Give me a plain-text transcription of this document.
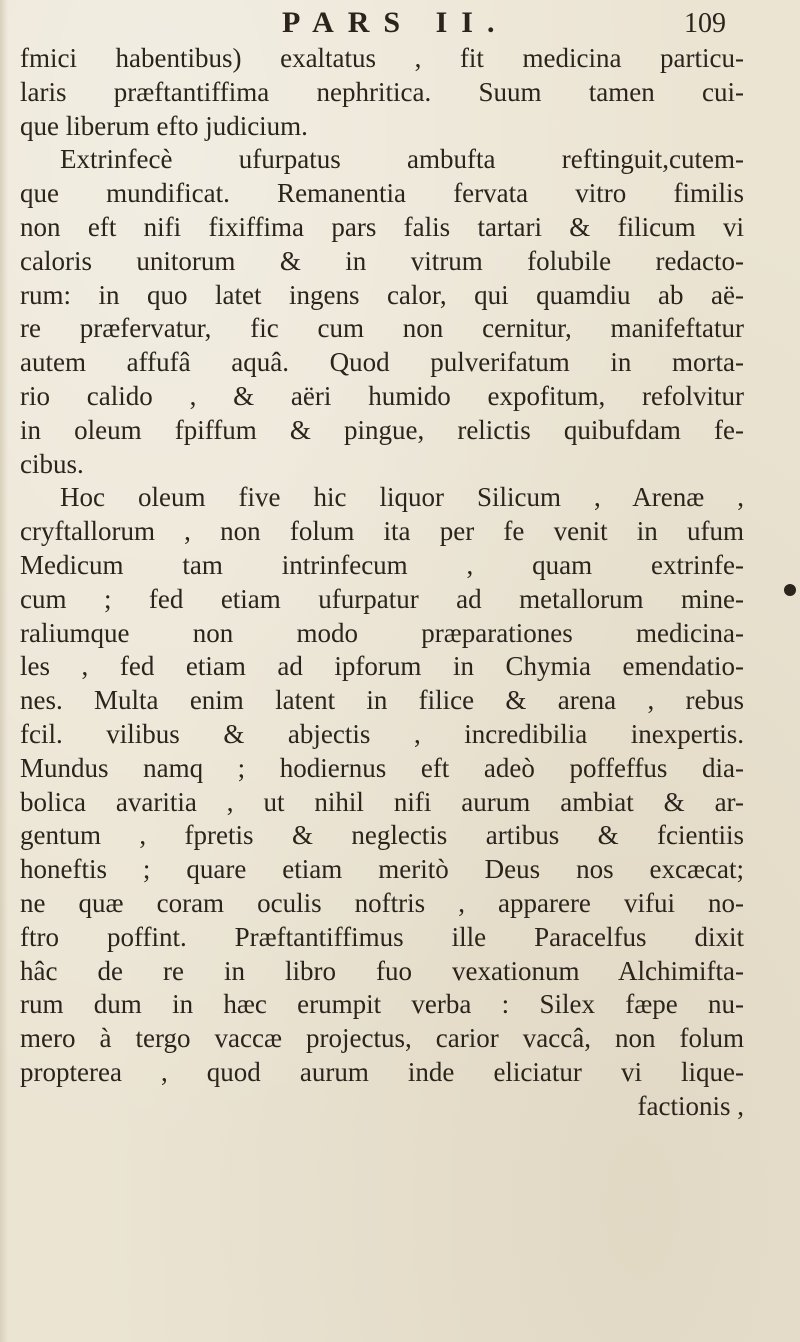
PARS II.	109
fmici habentibus) exaltatus , fit medicina particu-
laris præftantiffima nephritica. Suum tamen cui-
que liberum efto judicium.
Extrinfecè ufurpatus ambufta reftinguit,cutem-
que mundificat. Remanentia fervata vitro fimilis
non eft nifi fixiffima pars falis tartari & filicum vi
caloris unitorum & in vitrum folubile redacto-
rum: in quo latet ingens calor, qui quamdiu ab aë-
re præfervatur, fic cum non cernitur, manifeftatur
autem affufâ aquâ. Quod pulverifatum in morta-
rio calido , & aëri humido expofitum, refolvitur
in oleum fpiffum & pingue, relictis quibufdam fe-
cibus.
Hoc oleum five hic liquor Silicum , Arenæ ,
cryftallorum , non folum ita per fe venit in ufum
Medicum tam intrinfecum , quam extrinfe-
cum ; fed etiam ufurpatur ad metallorum mine-
raliumque non modo præparationes medicina-
les , fed etiam ad ipforum in Chymia emendatio-
nes. Multa enim latent in filice & arena , rebus
fcil. vilibus & abjectis , incredibilia inexpertis.
Mundus namq ; hodiernus eft adeò poffeffus dia-
bolica avaritia , ut nihil nifi aurum ambiat & ar-
gentum , fpretis & neglectis artibus & fcientiis
honeftis ; quare etiam meritò Deus nos excæcat;
ne quæ coram oculis noftris , apparere vifui no-
ftro poffint. Præftantiffimus ille Paracelfus dixit
hâc de re in libro fuo vexationum Alchimifta-
rum dum in hæc erumpit verba : Silex fæpe nu-
mero à tergo vaccæ projectus, carior vaccâ, non folum
propterea , quod aurum inde eliciatur vi lique-
factionis ,
